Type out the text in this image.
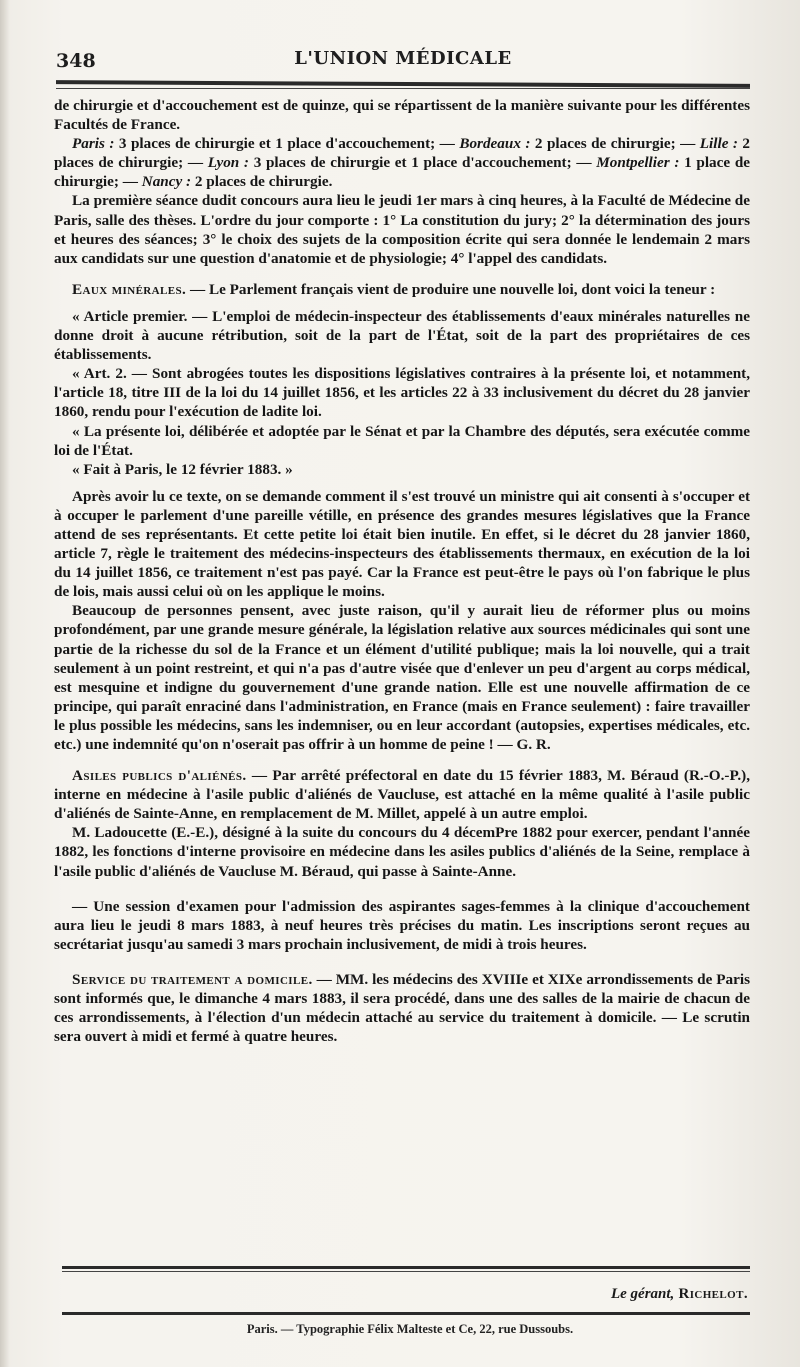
348	L'UNION MÉDICALE

de chirurgie et d'accouchement est de quinze, qui se répartissent de la manière suivante pour les différentes Facultés de France.

Paris : 3 places de chirurgie et 1 place d'accouchement; — Bordeaux : 2 places de chirurgie; — Lille : 2 places de chirurgie; — Lyon : 3 places de chirurgie et 1 place d'accouchement; — Montpellier : 1 place de chirurgie; — Nancy : 2 places de chirurgie.

La première séance dudit concours aura lieu le jeudi 1er mars à cinq heures, à la Faculté de Médecine de Paris, salle des thèses. L'ordre du jour comporte : 1° La constitution du jury; 2° la détermination des jours et heures des séances; 3° le choix des sujets de la composition écrite qui sera donnée le lendemain 2 mars aux candidats sur une question d'anatomie et de physiologie; 4° l'appel des candidats.

Eaux minérales. — Le Parlement français vient de produire une nouvelle loi, dont voici la teneur :

« Article premier. — L'emploi de médecin-inspecteur des établissements d'eaux minérales naturelles ne donne droit à aucune rétribution, soit de la part de l'État, soit de la part des propriétaires de ces établissements.

« Art. 2. — Sont abrogées toutes les dispositions législatives contraires à la présente loi, et notamment, l'article 18, titre III de la loi du 14 juillet 1856, et les articles 22 à 33 inclusivement du décret du 28 janvier 1860, rendu pour l'exécution de ladite loi.

« La présente loi, délibérée et adoptée par le Sénat et par la Chambre des députés, sera exécutée comme loi de l'État.

« Fait à Paris, le 12 février 1883. »

Après avoir lu ce texte, on se demande comment il s'est trouvé un ministre qui ait consenti à s'occuper et à occuper le parlement d'une pareille vétille, en présence des grandes mesures législatives que la France attend de ses représentants. Et cette petite loi était bien inutile. En effet, si le décret du 28 janvier 1860, article 7, règle le traitement des médecins-inspecteurs des établissements thermaux, en exécution de la loi du 14 juillet 1856, ce traitement n'est pas payé. Car la France est peut-être le pays où l'on fabrique le plus de lois, mais aussi celui où on les applique le moins.

Beaucoup de personnes pensent, avec juste raison, qu'il y aurait lieu de réformer plus ou moins profondément, par une grande mesure générale, la législation relative aux sources médicinales qui sont une partie de la richesse du sol de la France et un élément d'utilité publique; mais la loi nouvelle, qui a trait seulement à un point restreint, et qui n'a pas d'autre visée que d'enlever un peu d'argent au corps médical, est mesquine et indigne du gouvernement d'une grande nation. Elle est une nouvelle affirmation de ce principe, qui paraît enraciné dans l'administration, en France (mais en France seulement) : faire travailler le plus possible les médecins, sans les indemniser, ou en leur accordant (autopsies, expertises médicales, etc. etc.) une indemnité qu'on n'oserait pas offrir à un homme de peine ! — G. R.

Asiles publics d'aliénés. — Par arrêté préfectoral en date du 15 février 1883, M. Béraud (R.-O.-P.), interne en médecine à l'asile public d'aliénés de Vaucluse, est attaché en la même qualité à l'asile public d'aliénés de Sainte-Anne, en remplacement de M. Millet, appelé à un autre emploi.

M. Ladoucette (E.-E.), désigné à la suite du concours du 4 décemPre 1882 pour exercer, pendant l'année 1882, les fonctions d'interne provisoire en médecine dans les asiles publics d'aliénés de la Seine, remplace à l'asile public d'aliénés de Vaucluse M. Béraud, qui passe à Sainte-Anne.

— Une session d'examen pour l'admission des aspirantes sages-femmes à la clinique d'accouchement aura lieu le jeudi 8 mars 1883, à neuf heures très précises du matin. Les inscriptions seront reçues au secrétariat jusqu'au samedi 3 mars prochain inclusivement, de midi à trois heures.

Service du traitement a domicile. — MM. les médecins des XVIIIe et XIXe arrondissements de Paris sont informés que, le dimanche 4 mars 1883, il sera procédé, dans une des salles de la mairie de chacun de ces arrondissements, à l'élection d'un médecin attaché au service du traitement à domicile. — Le scrutin sera ouvert à midi et fermé à quatre heures.

Le gérant, Richelot.
Paris. — Typographie Félix Malteste et Ce, 22, rue Dussoubs.
